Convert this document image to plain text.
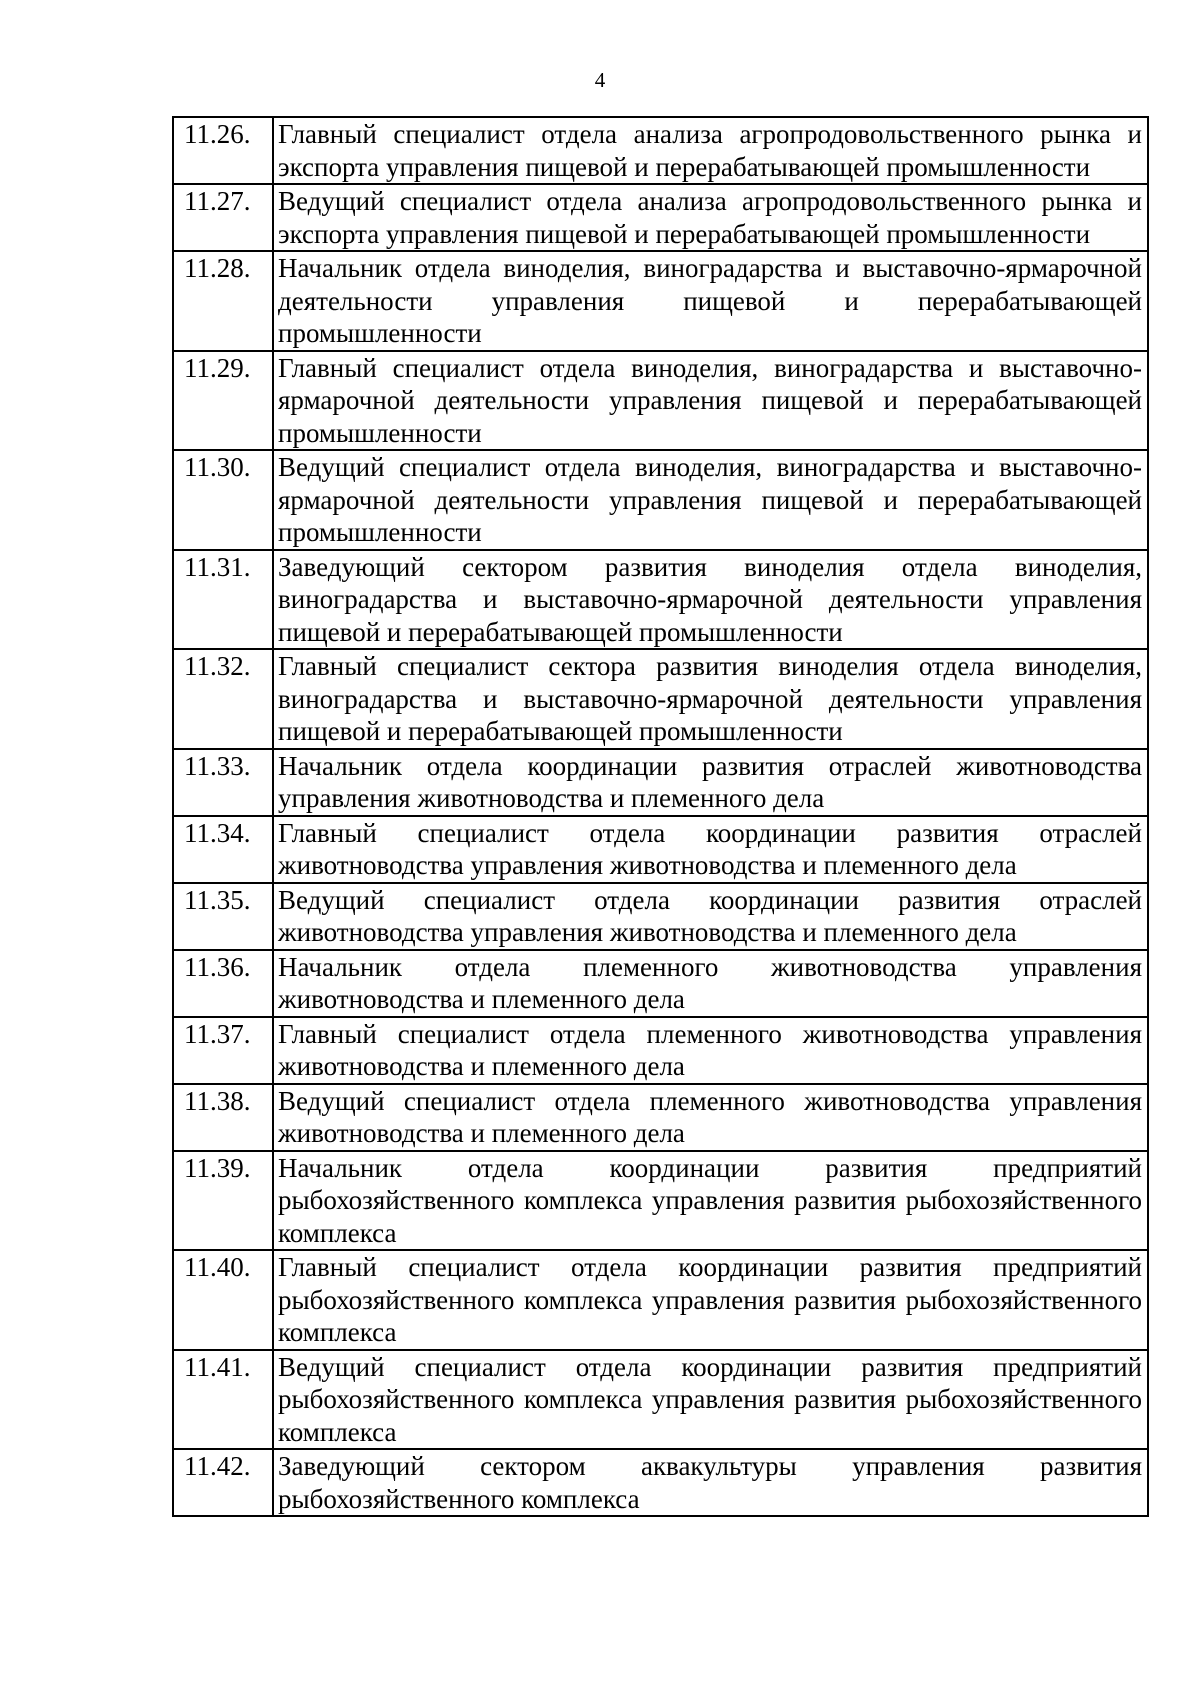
4
11.26.	Главный специалист отдела анализа агропродовольственного рынка и экспорта управления пищевой и перерабатывающей промышленности
11.27.	Ведущий специалист отдела анализа агропродовольственного рынка и экспорта управления пищевой и перерабатывающей промышленности
11.28.	Начальник отдела виноделия, виноградарства и выставочно-ярмарочной деятельности управления пищевой и перерабатывающей промышленности
11.29.	Главный специалист отдела виноделия, виноградарства и выставочно-ярмарочной деятельности управления пищевой и перерабатывающей промышленности
11.30.	Ведущий специалист отдела виноделия, виноградарства и выставочно-ярмарочной деятельности управления пищевой и перерабатывающей промышленности
11.31.	Заведующий сектором развития виноделия отдела виноделия, виноградарства и выставочно-ярмарочной деятельности управления пищевой и перерабатывающей промышленности
11.32.	Главный специалист сектора развития виноделия отдела виноделия, виноградарства и выставочно-ярмарочной деятельности управления пищевой и перерабатывающей промышленности
11.33.	Начальник отдела координации развития отраслей животноводства управления животноводства и племенного дела
11.34.	Главный специалист отдела координации развития отраслей животноводства управления животноводства и племенного дела
11.35.	Ведущий специалист отдела координации развития отраслей животноводства управления животноводства и племенного дела
11.36.	Начальник отдела племенного животноводства управления животноводства и племенного дела
11.37.	Главный специалист отдела племенного животноводства управления животноводства и племенного дела
11.38.	Ведущий специалист отдела племенного животноводства управления животноводства и племенного дела
11.39.	Начальник отдела координации развития предприятий рыбохозяйственного комплекса управления развития рыбохозяйственного комплекса
11.40.	Главный специалист отдела координации развития предприятий рыбохозяйственного комплекса управления развития рыбохозяйственного комплекса
11.41.	Ведущий специалист отдела координации развития предприятий рыбохозяйственного комплекса управления развития рыбохозяйственного комплекса
11.42.	Заведующий сектором аквакультуры управления развития рыбохозяйственного комплекса
